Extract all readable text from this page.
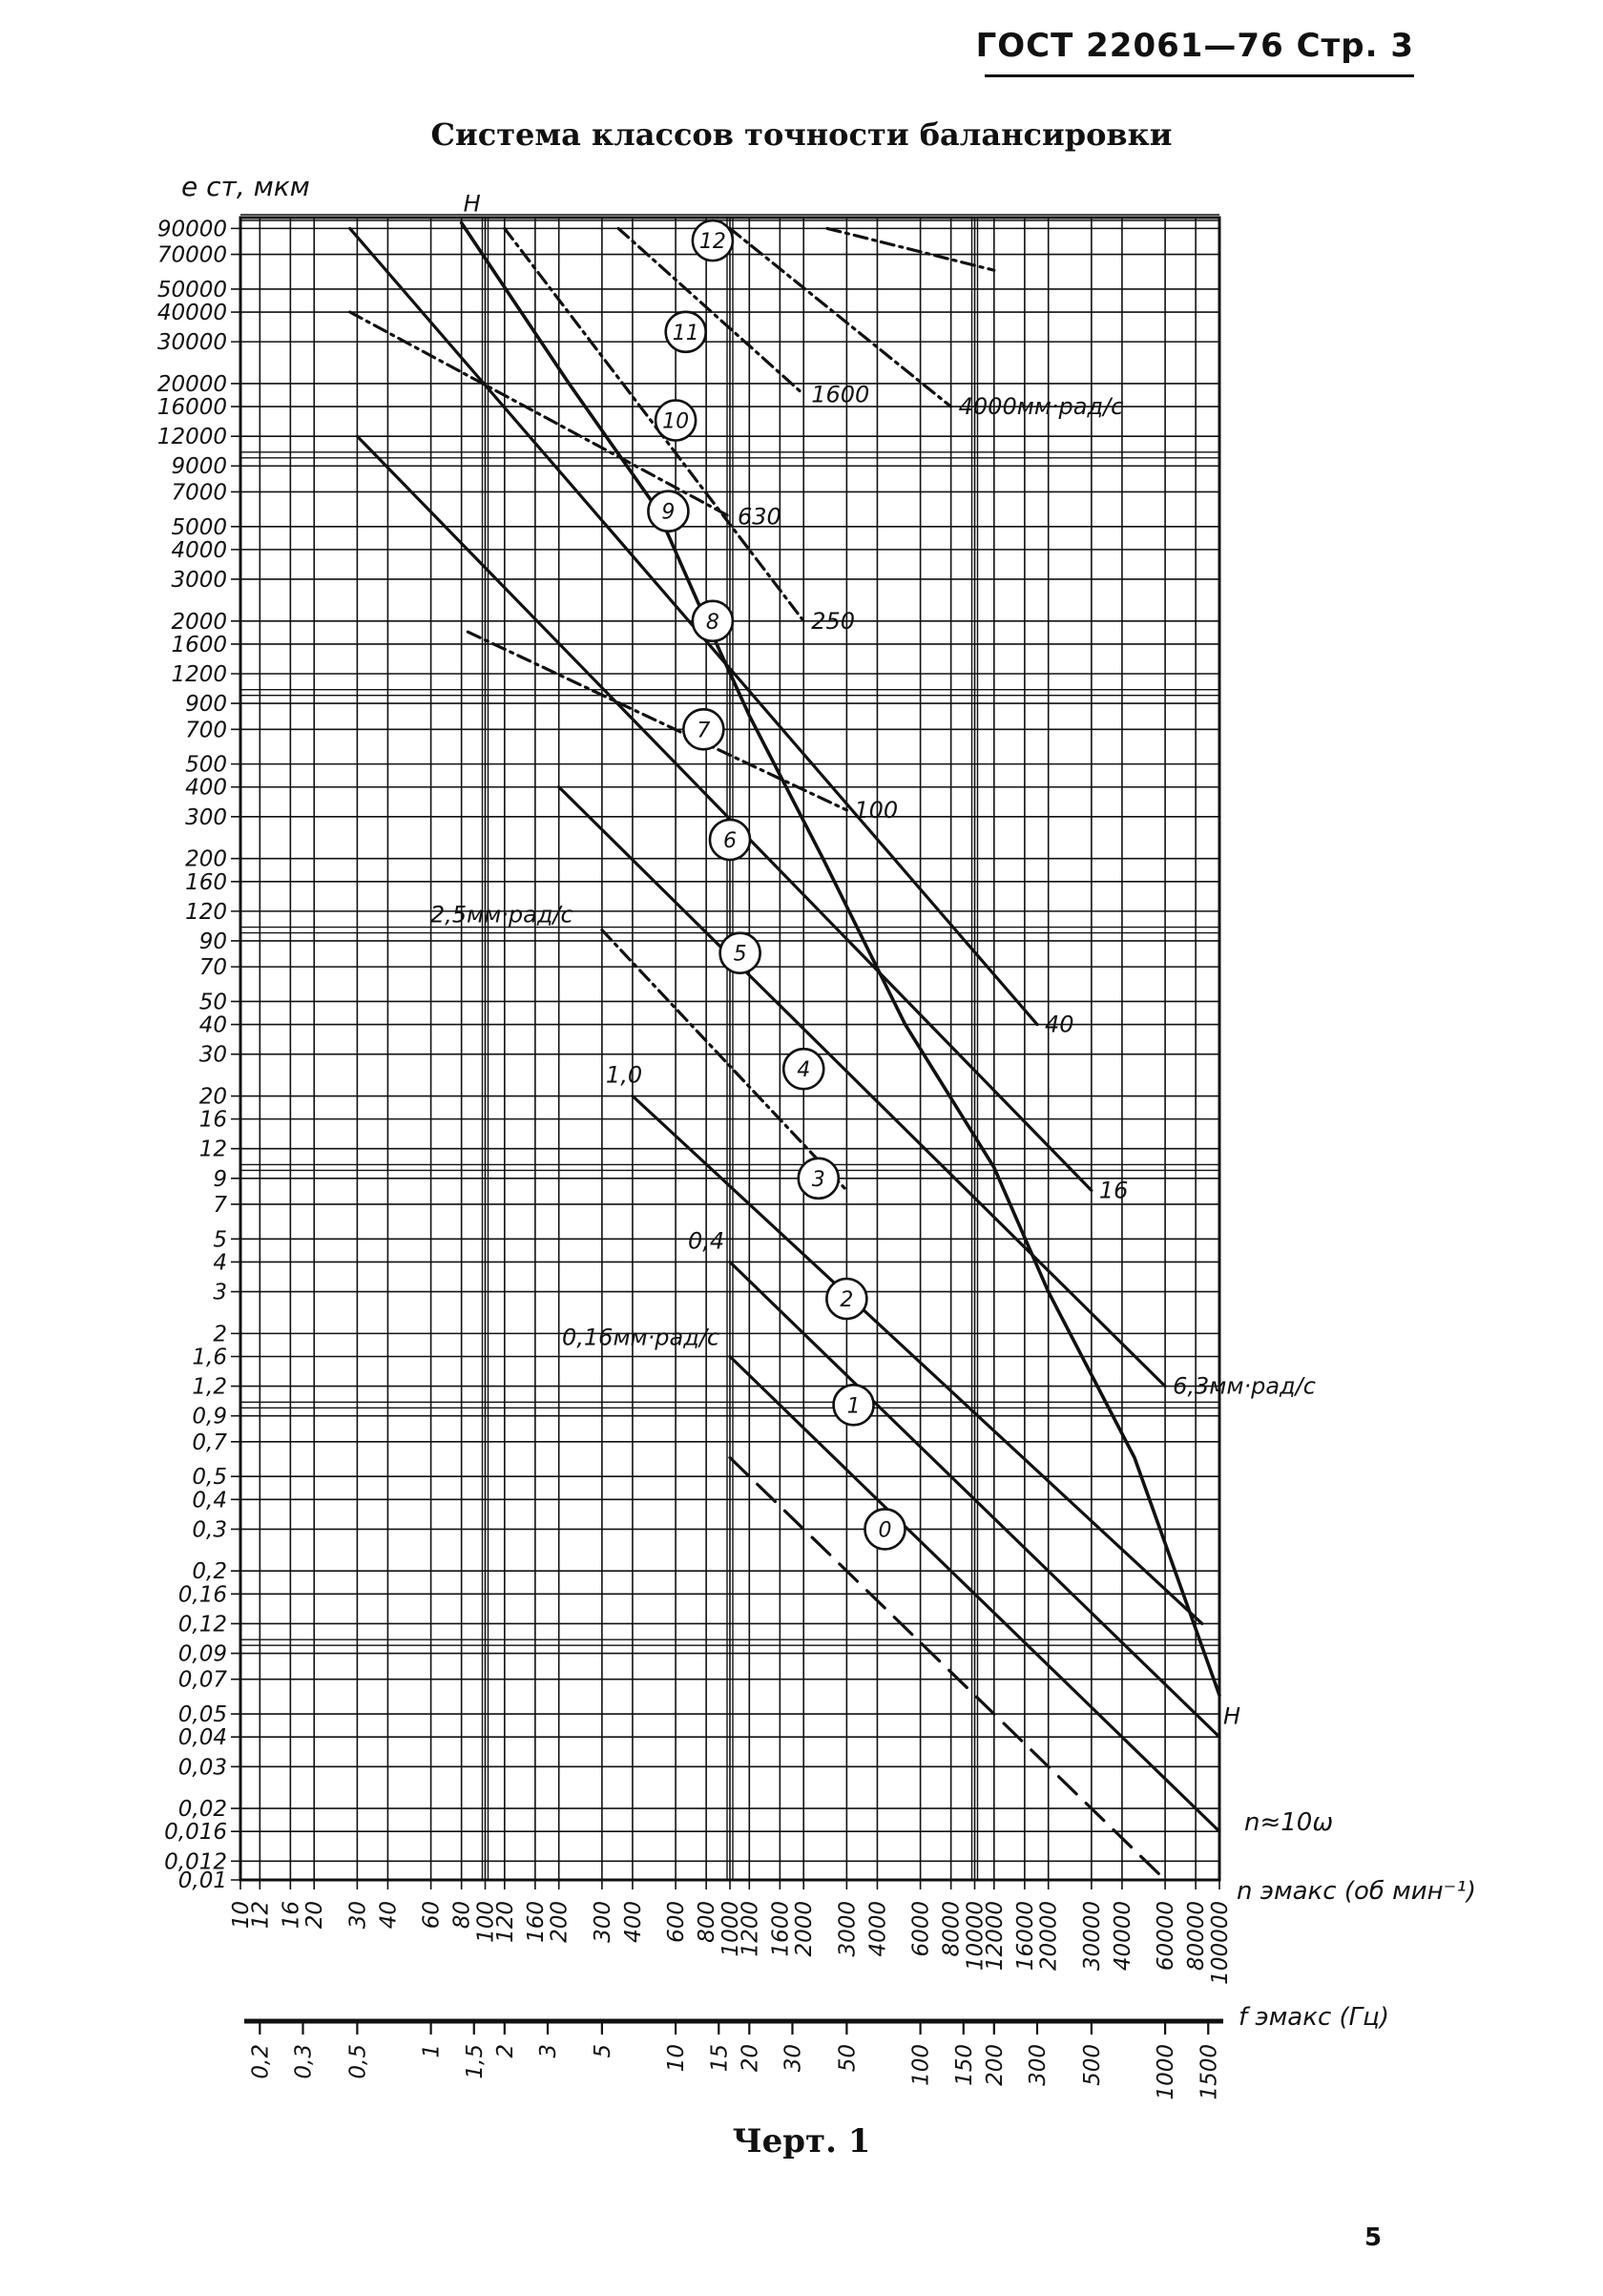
ГОСТ 22061—76 Стр. 3
Система классов точности балансировки
90000
70000
50000
40000
30000
20000
16000
12000
9000
7000
5000
4000
3000
2000
1600
1200
900
700
500
400
300
200
160
120
90
70
50
40
30
20
16
12
9
7
5
4
3
2
1,6
1,2
0,9
0,7
0,5
0,4
0,3
0,2
0,16
0,12
0,09
0,07
0,05
0,04
0,03
0,02
0,016
0,012
0,01
10
12 16
20 30 40 60 80
100
120 160
200 300 400 600 800
1000
1200 1600
2000 3000 4000 6000 8000
10000
12000 16000
20000 30000 40000 60000 80000
100000
e ст, мкм
n≈10ω
n эмакс (об мин⁻¹)
0,2 0,3 0,5 1 1,5 2 3 5 10 15 20 30 50 100 150 200 300 500 1000 1500
f эмакс (Гц)
4000мм·рад/с
1600
630
250
100
40
16
6,3мм·рад/с
2,5мм·рад/с
1,0
0,4
0,16мм·рад/с
H
H
12
11
10
9
8
7
6
5
4
3
2
1
0
Черт. 1
5
